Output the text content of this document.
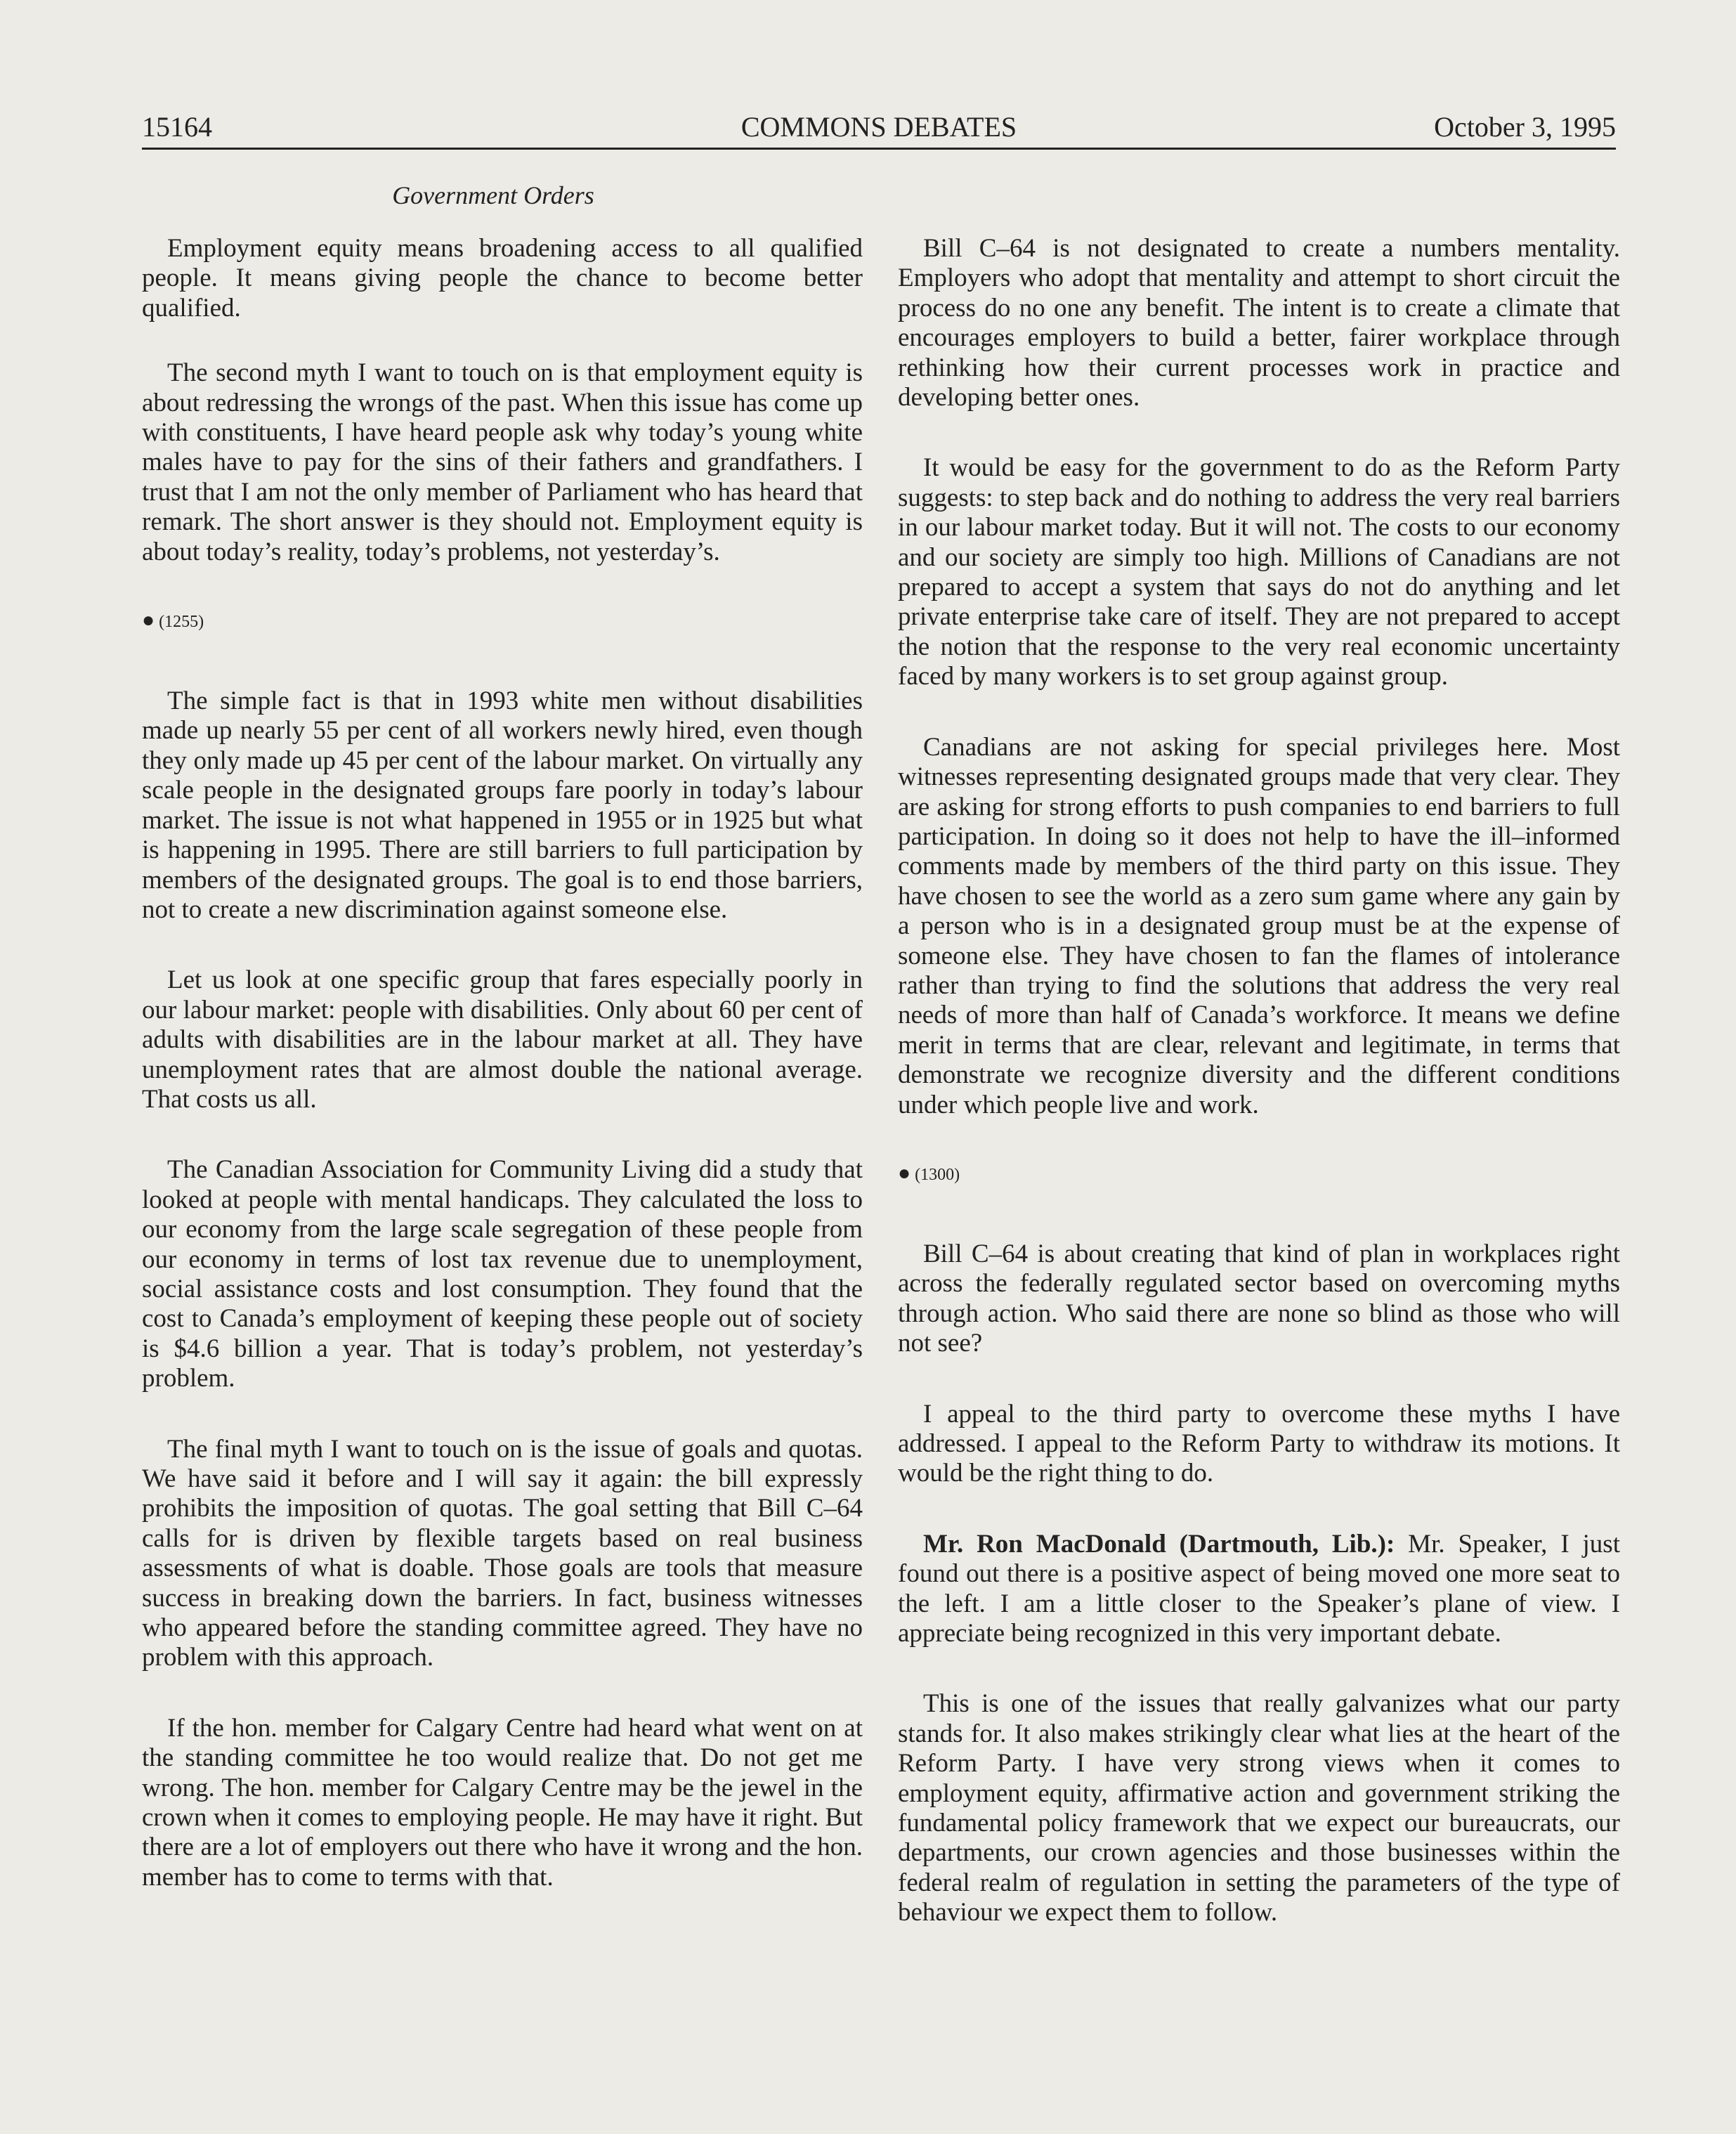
15164	COMMONS DEBATES	October 3, 1995
Government Orders

Employment equity means broadening access to all qualified people. It means giving people the chance to become better qualified.

The second myth I want to touch on is that employment equity is about redressing the wrongs of the past. When this issue has come up with constituents, I have heard people ask why today’s young white males have to pay for the sins of their fathers and grandfathers. I trust that I am not the only member of Parliament who has heard that remark. The short answer is they should not. Employment equity is about today’s reality, today’s problems, not yesterday’s.

● (1255)

The simple fact is that in 1993 white men without disabilities made up nearly 55 per cent of all workers newly hired, even though they only made up 45 per cent of the labour market. On virtually any scale people in the designated groups fare poorly in today’s labour market. The issue is not what happened in 1955 or in 1925 but what is happening in 1995. There are still barriers to full participation by members of the designated groups. The goal is to end those barriers, not to create a new discrimination against someone else.

Let us look at one specific group that fares especially poorly in our labour market: people with disabilities. Only about 60 per cent of adults with disabilities are in the labour market at all. They have unemployment rates that are almost double the national average. That costs us all.

The Canadian Association for Community Living did a study that looked at people with mental handicaps. They calculated the loss to our economy from the large scale segregation of these people from our economy in terms of lost tax revenue due to unemployment, social assistance costs and lost consumption. They found that the cost to Canada’s employment of keeping these people out of society is $4.6 billion a year. That is today’s problem, not yesterday’s problem.

The final myth I want to touch on is the issue of goals and quotas. We have said it before and I will say it again: the bill expressly prohibits the imposition of quotas. The goal setting that Bill C–64 calls for is driven by flexible targets based on real business assessments of what is doable. Those goals are tools that measure success in breaking down the barriers. In fact, business witnesses who appeared before the standing committee agreed. They have no problem with this approach.

If the hon. member for Calgary Centre had heard what went on at the standing committee he too would realize that. Do not get me wrong. The hon. member for Calgary Centre may be the jewel in the crown when it comes to employing people. He may have it right. But there are a lot of employers out there who have it wrong and the hon. member has to come to terms with that.

Bill C–64 is not designated to create a numbers mentality. Employers who adopt that mentality and attempt to short circuit the process do no one any benefit. The intent is to create a climate that encourages employers to build a better, fairer workplace through rethinking how their current processes work in practice and developing better ones.

It would be easy for the government to do as the Reform Party suggests: to step back and do nothing to address the very real barriers in our labour market today. But it will not. The costs to our economy and our society are simply too high. Millions of Canadians are not prepared to accept a system that says do not do anything and let private enterprise take care of itself. They are not prepared to accept the notion that the response to the very real economic uncertainty faced by many workers is to set group against group.

Canadians are not asking for special privileges here. Most witnesses representing designated groups made that very clear. They are asking for strong efforts to push companies to end barriers to full participation. In doing so it does not help to have the ill–informed comments made by members of the third party on this issue. They have chosen to see the world as a zero sum game where any gain by a person who is in a designated group must be at the expense of someone else. They have chosen to fan the flames of intolerance rather than trying to find the solutions that address the very real needs of more than half of Canada’s workforce. It means we define merit in terms that are clear, relevant and legitimate, in terms that demonstrate we recognize diversity and the different conditions under which people live and work.

● (1300)

Bill C–64 is about creating that kind of plan in workplaces right across the federally regulated sector based on overcoming myths through action. Who said there are none so blind as those who will not see?

I appeal to the third party to overcome these myths I have addressed. I appeal to the Reform Party to withdraw its motions. It would be the right thing to do.

Mr. Ron MacDonald (Dartmouth, Lib.): Mr. Speaker, I just found out there is a positive aspect of being moved one more seat to the left. I am a little closer to the Speaker’s plane of view. I appreciate being recognized in this very important debate.

This is one of the issues that really galvanizes what our party stands for. It also makes strikingly clear what lies at the heart of the Reform Party. I have very strong views when it comes to employment equity, affirmative action and government striking the fundamental policy framework that we expect our bureaucrats, our departments, our crown agencies and those businesses within the federal realm of regulation in setting the parameters of the type of behaviour we expect them to follow.
